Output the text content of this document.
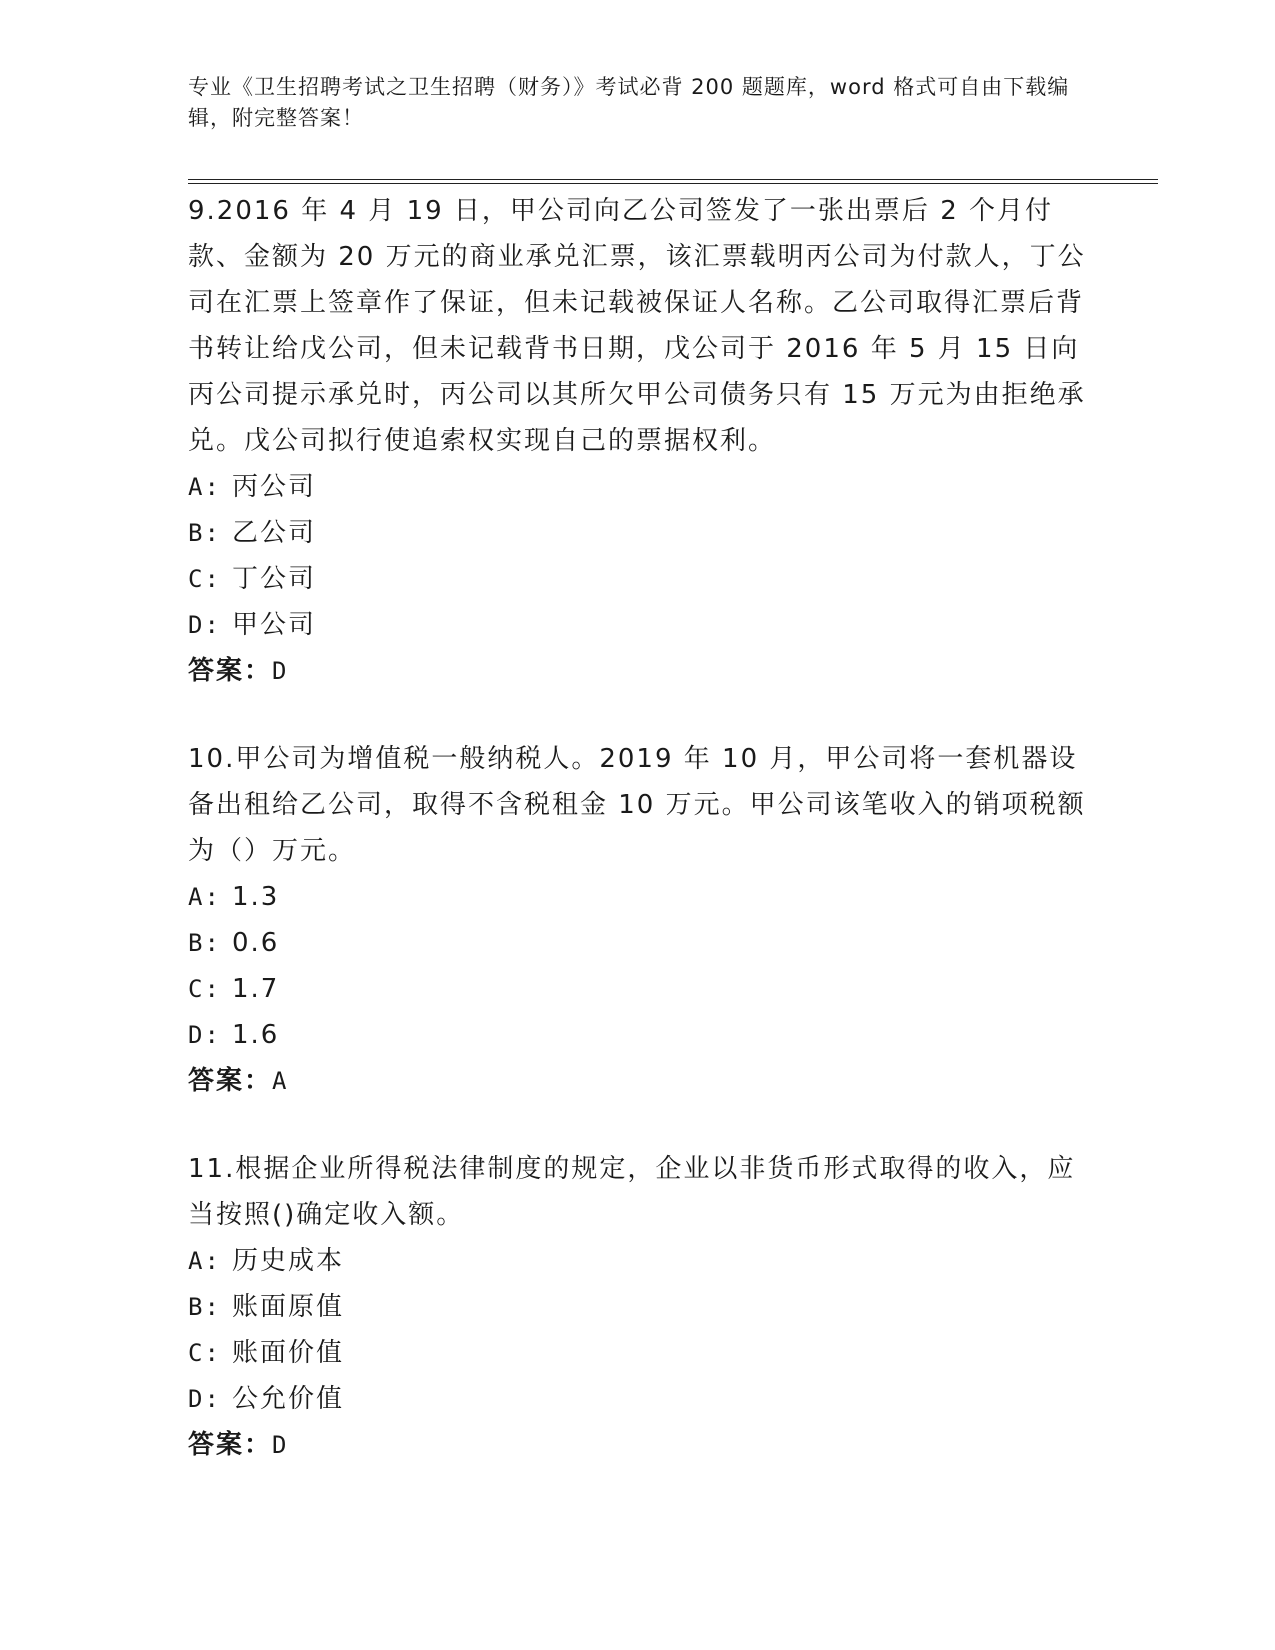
专业《卫生招聘考试之卫生招聘（财务）》考试必背 200 题题库，word 格式可自由下载编辑，附完整答案！
9.2016 年 4 月 19 日，甲公司向乙公司签发了一张出票后 2 个月付款、金额为 20 万元的商业承兑汇票，该汇票载明丙公司为付款人，丁公司在汇票上签章作了保证，但未记载被保证人名称。乙公司取得汇票后背书转让给戊公司，但未记载背书日期，戊公司于 2016 年 5 月 15 日向丙公司提示承兑时，丙公司以其所欠甲公司债务只有 15 万元为由拒绝承兑。戊公司拟行使追索权实现自己的票据权利。
A: 丙公司
B: 乙公司
C: 丁公司
D: 甲公司
答案：D
10.甲公司为增值税一般纳税人。2019 年 10 月，甲公司将一套机器设备出租给乙公司，取得不含税租金 10 万元。甲公司该笔收入的销项税额为（）万元。
A: 1.3
B: 0.6
C: 1.7
D: 1.6
答案：A
11.根据企业所得税法律制度的规定，企业以非货币形式取得的收入，应当按照()确定收入额。
A: 历史成本
B: 账面原值
C: 账面价值
D: 公允价值
答案：D
